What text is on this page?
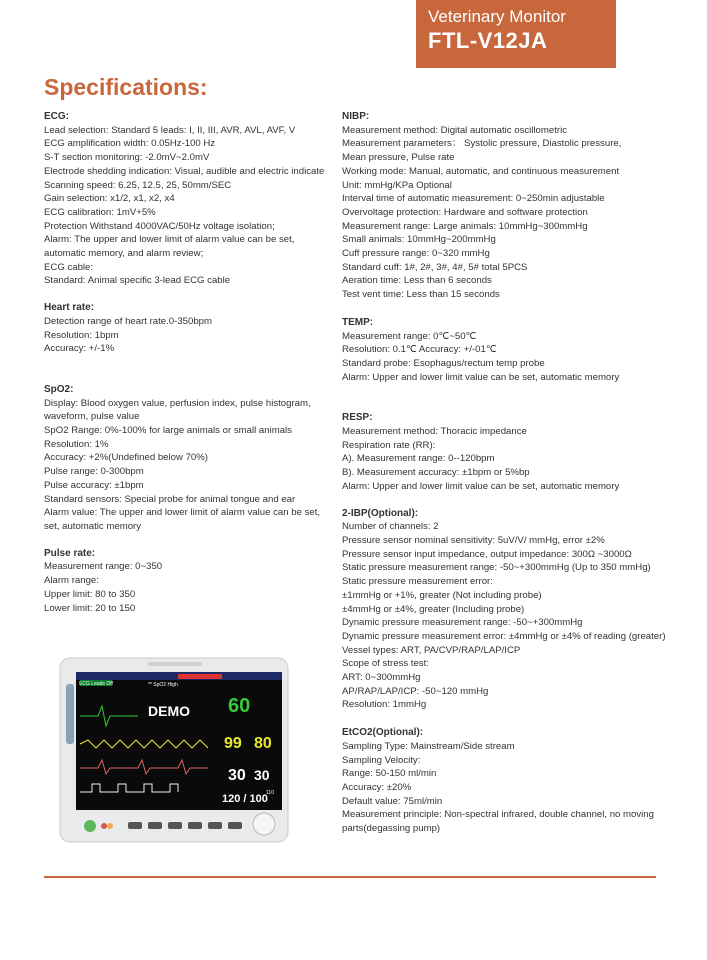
Veterinary Monitor
FTL-V12JA
Specifications:
ECG:
Lead selection: Standard 5 leads: I, II, III, AVR, AVL, AVF, V
ECG amplification width: 0.05Hz-100 Hz
S-T section monitoring: -2.0mV~2.0mV
Electrode shedding indication: Visual, audible and electric indicate
Scanning speed: 6.25, 12.5, 25, 50mm/SEC
Gain selection: x1/2, x1, x2, x4
ECG calibration: 1mV+5%
Protection Withstand 4000VAC/50Hz voltage isolation;
Alarm: The upper and lower limit of alarm value can be set,
automatic memory, and alarm review;
ECG cable:
Standard: Animal specific 3-lead ECG cable
Heart rate:
Detection range of heart rate.0-350bpm
Resolution: 1bpm
Accuracy: +/-1%
SpO2:
Display: Blood oxygen value, perfusion index, pulse histogram,
waveform, pulse value
SpO2 Range: 0%-100% for large animals or small animals
Resolution: 1%
Accuracy: +2%(Undefined below 70%)
Pulse range: 0-300bpm
Pulse accuracy: ±1bpm
Standard sensors: Special probe for animal tongue and ear
Alarm value: The upper and lower limit of alarm value can be set,
set, automatic memory
Pulse rate:
Measurement range: 0~350
Alarm range:
Upper limit: 80 to 350
Lower limit: 20 to 150
NIBP:
Measurement method: Digital automatic oscillometric
Measurement parameters： Systolic pressure, Diastolic pressure,
Mean pressure, Pulse rate
Working mode: Manual, automatic, and continuous measurement
Unit: mmHg/KPa Optional
Interval time of automatic measurement: 0~250min adjustable
Overvoltage protection: Hardware and software protection
Measurement range: Large animals: 10mmHg~300mmHg
Small animals: 10mmHg~200mmHg
Cuff pressure range: 0~320 mmHg
Standard cuff: 1#, 2#, 3#, 4#, 5# total 5PCS
Aeration time: Less than 6 seconds
Test vent time: Less than 15 seconds
TEMP:
Measurement range: 0℃~50℃
Resolution: 0.1℃ Accuracy: +/-01℃
Standard probe: Esophagus/rectum temp probe
Alarm: Upper and lower limit value can be set, automatic memory
RESP:
Measurement method: Thoracic impedance
Respiration rate (RR):
A). Measurement range: 0--120bpm
B). Measurement accuracy: ±1bpm or 5%bp
Alarm: Upper and lower limit value can be set, automatic memory
2-IBP(Optional):
Number of channels: 2
Pressure sensor nominal sensitivity: 5uV/V/ mmHg, error ±2%
Pressure sensor input impedance, output impedance: 300Ω ~3000Ω
Static pressure measurement range: -50~+300mmHg (Up to 350 mmHg)
Static pressure measurement error:
±1mmHg or +1%, greater (Not including probe)
±4mmHg or ±4%, greater (Including probe)
Dynamic pressure measurement range: -50~+300mmHg
Dynamic pressure measurement error: ±4mmHg or ±4% of reading (greater)
Vessel types: ART, PA/CVP/RAP/LAP/ICP
Scope of stress test:
ART: 0~300mmHg
AP/RAP/LAP/ICP: -50~120 mmHg
Resolution: 1mmHg
EtCO2(Optional):
Sampling Type: Mainstream/Side stream
Sampling Velocity:
Range: 50-150 ml/min
Accuracy: ±20%
Default value: 75ml/min
Measurement principle: Non-spectral infrared, double channel, no moving
parts(degassing pump)
ECG Leads Off	** SpO2 High
DEMO 60
99 80
30 30
120 / 100
110
